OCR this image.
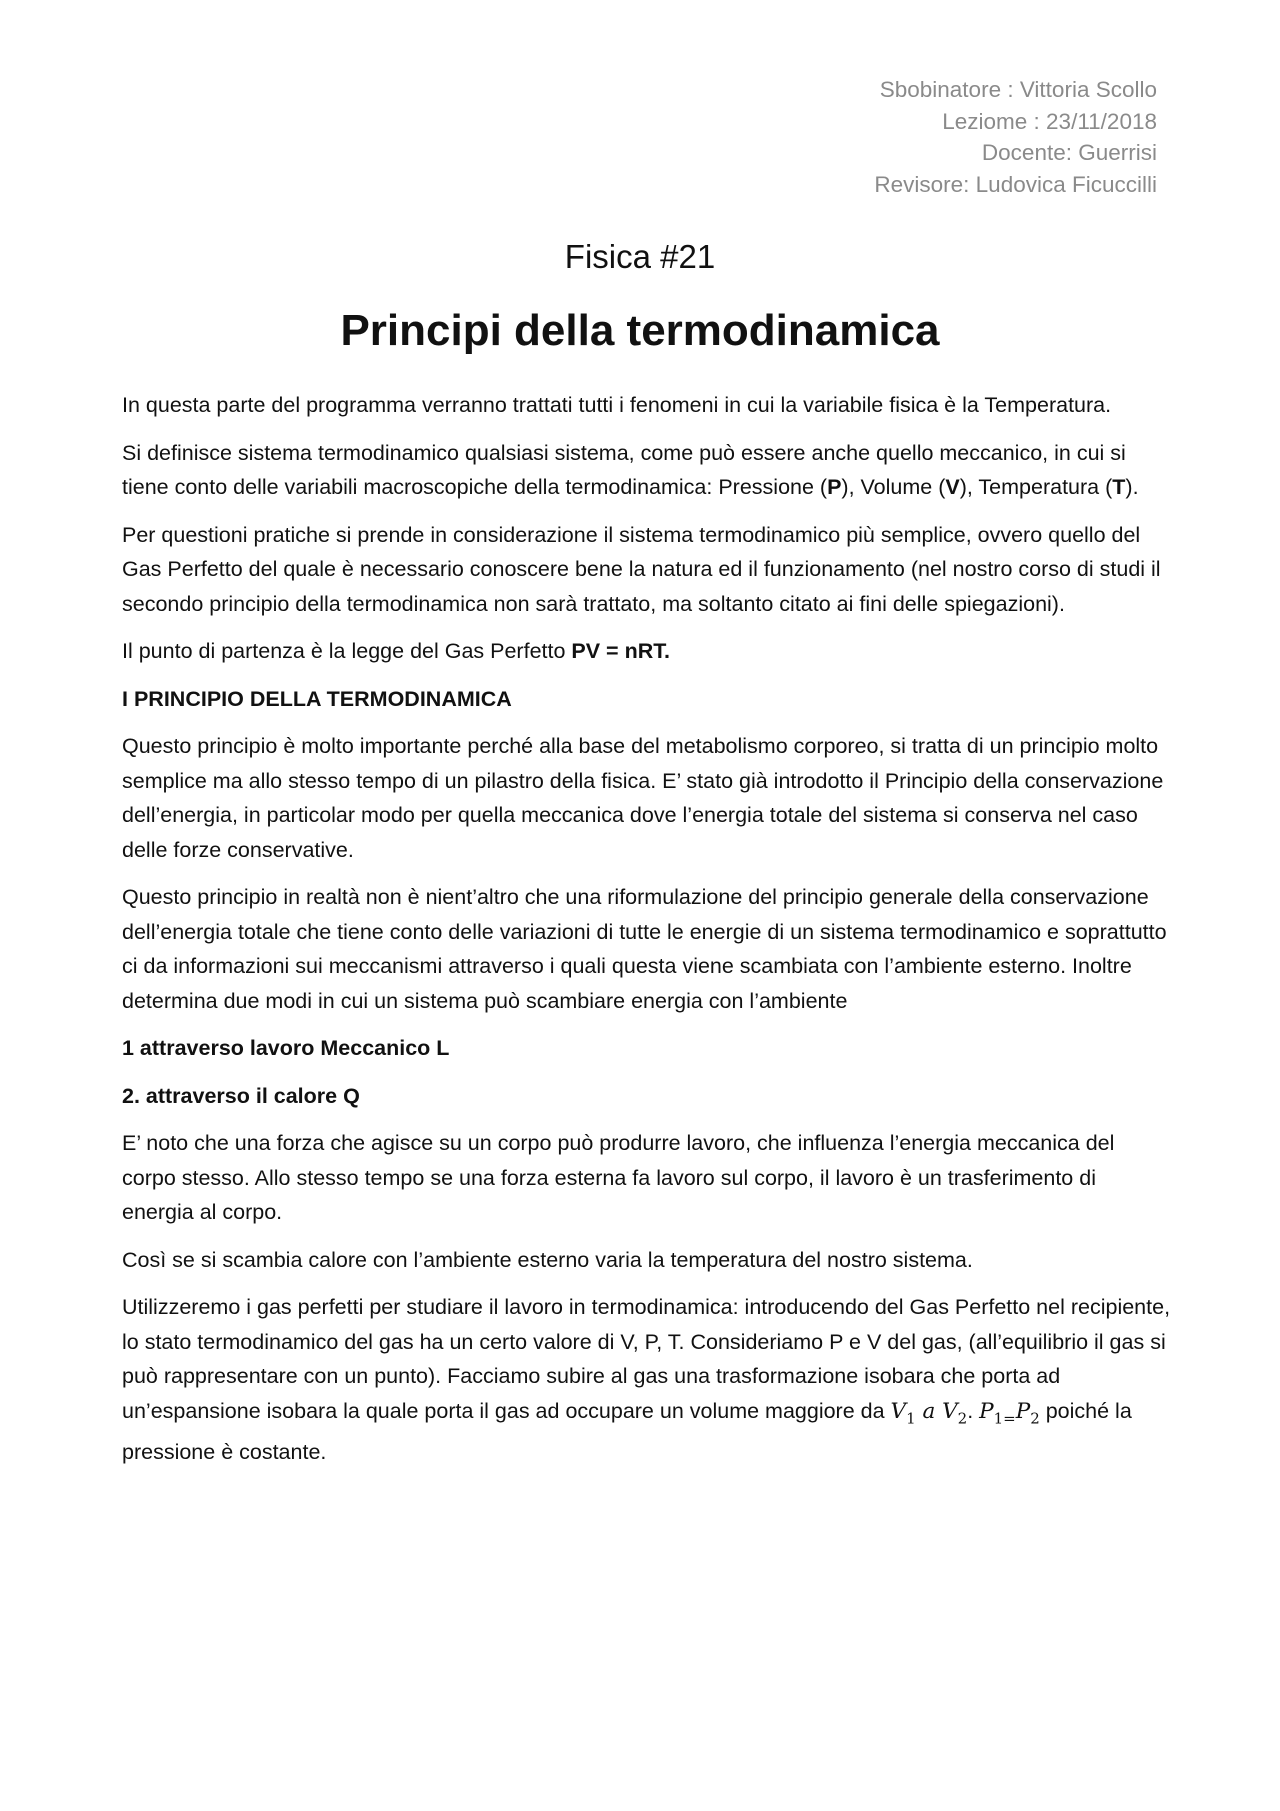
Sbobinatore : Vittoria Scollo
Leziome : 23/11/2018
Docente: Guerrisi
Revisore: Ludovica Ficuccilli
Fisica #21
Principi della termodinamica

In questa parte del programma verranno trattati tutti i fenomeni in cui la variabile fisica è la Temperatura.

Si definisce sistema termodinamico qualsiasi sistema, come può essere anche quello meccanico, in cui si tiene conto delle variabili macroscopiche della termodinamica: Pressione (P), Volume (V), Temperatura (T).

Per questioni pratiche si prende in considerazione il sistema termodinamico più semplice, ovvero quello del Gas Perfetto del quale è necessario conoscere bene la natura ed il funzionamento (nel nostro corso di studi il secondo principio della termodinamica non sarà trattato, ma soltanto citato ai fini delle spiegazioni).

Il punto di partenza è la legge del Gas Perfetto PV = nRT.

I PRINCIPIO DELLA TERMODINAMICA

Questo principio è molto importante perché alla base del metabolismo corporeo, si tratta di un principio molto semplice ma allo stesso tempo di un pilastro della fisica. E’ stato già introdotto il Principio della conservazione dell’energia, in particolar modo per quella meccanica dove l’energia totale del sistema si conserva nel caso delle forze conservative.

Questo principio in realtà non è nient’altro che una riformulazione del principio generale della conservazione dell’energia totale che tiene conto delle variazioni di tutte le energie di un sistema termodinamico e soprattutto ci da informazioni sui meccanismi attraverso i quali questa viene scambiata con l’ambiente esterno. Inoltre determina due modi in cui un sistema può scambiare energia con l’ambiente

1 attraverso lavoro Meccanico L

2. attraverso il calore Q

E’ noto che una forza che agisce su un corpo può produrre lavoro, che influenza l’energia meccanica del corpo stesso. Allo stesso tempo se una forza esterna fa lavoro sul corpo, il lavoro è un trasferimento di energia al corpo.

Così se si scambia calore con l’ambiente esterno varia la temperatura del nostro sistema.

Utilizzeremo i gas perfetti per studiare il lavoro in termodinamica: introducendo del Gas Perfetto nel recipiente, lo stato termodinamico del gas ha un certo valore di V, P, T. Consideriamo P e V del gas, (all’equilibrio il gas si può rappresentare con un punto). Facciamo subire al gas una trasformazione isobara che porta ad un’espansione isobara la quale porta il gas ad occupare un volume maggiore da $V_1$ a $V_2$. $P_{1=}P_2$ poiché la pressione è costante.
